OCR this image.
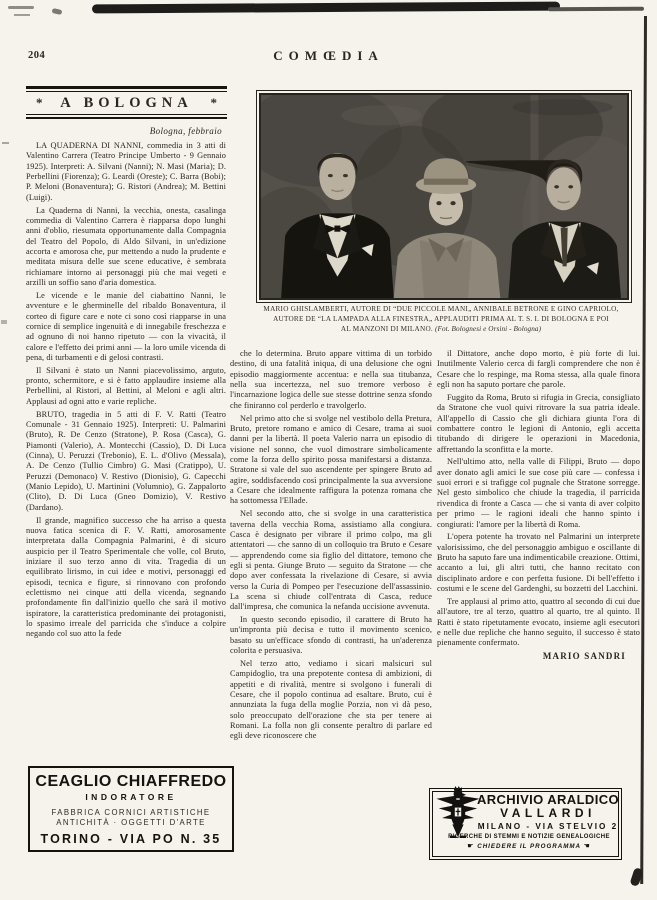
204	COMŒDIA
* A BOLOGNA *
Bologna, febbraio

LA QUADERNA DI NANNI, commedia in 3 atti di Valentino Carrera (Teatro Principe Umberto - 9 Gennaio 1925). Interpreti: A. Silvani (Nanni); N. Masi (Maria); D. Perbellini (Fiorenza); G. Leardi (Oreste); C. Barra (Bobi); P. Meloni (Bonaventura); G. Ristori (Andrea); M. Bettini (Luigi).

La Quaderna di Nanni, la vecchia, onesta, casalinga commedia di Valentino Carrera è riapparsa dopo lunghi anni d'oblio, riesumata opportunamente dalla Compagnia del Teatro del Popolo, di Aldo Silvani, in un'edizione accorta e amorosa che, pur mettendo a nudo la prudente e meditata misura delle sue scene educative, è sembrata richiamare intorno ai personaggi più che mai vegeti e arzilli un soffio sano d'aria domestica.

Le vicende e le manie del ciabattino Nanni, le avventure e le gherminelle del ribaldo Bonaventura, il corteo di figure care e note ci sono così riapparse in una cornice di semplice ingenuità e di innegabile freschezza e ad ognuno di noi hanno ripetuto — con la vivacità, il calore e l'effetto dei primi anni — la loro umile vicenda di pena, di turbamenti e di gelosi contrasti.

Il Silvani è stato un Nanni piacevolissimo, arguto, pronto, schermitore, e si è fatto applaudire insieme alla Perbellini, al Ristori, al Bettini, al Meloni e agli altri. Applausi ad ogni atto e varie repliche.

BRUTO, tragedia in 5 atti di F. V. Ratti (Teatro Comunale - 31 Gennaio 1925). Interpreti: U. Palmarini (Bruto), R. De Cenzo (Stratone), P. Rosa (Casca), G. Piamonti (Valerio), A. Montecchi (Cassio), D. Di Luca (Cinna), U. Peruzzi (Trebonio), E. L. d'Olivo (Messala), A. De Cenzo (Tullio Cimbro) G. Masi (Cratippo), U. Peruzzi (Demonaco) V. Restivo (Dionisio), G. Capecchi (Manio Lepido), U. Martinini (Volumnio), G. Zappalorto (Clito), D. Di Luca (Gneo Domizio), V. Restivo (Dardano).

Il grande, magnifico successo che ha arriso a questa nuova fatica scenica di F. V. Ratti, amorosamente interpretata dalla Compagnia Palmarini, è di sicuro auspicio per il Teatro Sperimentale che volle, col Bruto, iniziare il suo terzo anno di vita. Tragedia di un equilibrato lirismo, in cui idee e motivi, personaggi ed episodi, tecnica e figure, si rinnovano con profondo eclettismo nei cinque atti della vicenda, segnando profondamente fin dall'inizio quello che sarà il motivo ispiratore, la caratteristica predominante dei protagonisti, lo spasimo irreale del parricida che s'induce a colpire negando col suo atto la fede

MARIO GHISLAMBERTI, AUTORE DI “DUE PICCOLE MANI„ ANNIBALE BETRONE E GINO CAPRIOLO,
AUTORE DE “LA LAMPADA ALLA FINESTRA„ APPLAUDITI PRIMA AL T. S. I. DI BOLOGNA E POI
AL MANZONI DI MILANO. (Fot. Bolognesi e Orsini - Bologna)

che lo determina. Bruto appare vittima di un torbido destino, di una fatalità iniqua, di una delusione che ogni episodio maggiormente accentua: e nella sua titubanza, nella sua incertezza, nel suo tremore verboso è l'incarnazione logica delle sue stesse dottrine senza sfondo che finiranno col perderlo e travolgerlo.

Nel primo atto che si svolge nel vestibolo della Pretura, Bruto, pretore romano e amico di Cesare, trama ai suoi danni per la libertà. Il poeta Valerio narra un episodio di visione nel sonno, che vuol dimostrare simbolicamente come la forza dello spirito possa manifestarsi a distanza. Stratone si vale del suo ascendente per spingere Bruto ad agire, soddisfacendo così principalmente la sua avversione a Cesare che idealmente raffigura la potenza romana che ha sottomessa l'Ellade.

Nel secondo atto, che si svolge in una caratteristica taverna della vecchia Roma, assistiamo alla congiura. Casca è designato per vibrare il primo colpo, ma gli attentatori — che sanno di un colloquio tra Bruto e Cesare — apprendendo come sia figlio del dittatore, temono che egli si penta. Giunge Bruto — seguito da Stratone — che dopo aver confessata la rivelazione di Cesare, si avvia verso la Curia di Pompeo per l'esecuzione dell'assassinio. La scena si chiude coll'entrata di Casca, reduce dall'impresa, che comunica la nefanda uccisione avvenuta.

In questo secondo episodio, il carattere di Bruto ha un'impronta più decisa e tutto il movimento scenico, basato su un'efficace sfondo di contrasti, ha un'aderenza colorita e persuasiva.

Nel terzo atto, vediamo i sicari malsicuri sul Campidoglio, tra una prepotente contesa di ambizioni, di appetiti e di rivalità, mentre si svolgono i funerali di Cesare, che il popolo continua ad esaltare. Bruto, cui è annunziata la fuga della moglie Porzia, non vi dà peso, solo preoccupato dell'orazione che sta per tenere ai Romani. La folla non gli consente peraltro di parlare ed egli deve riconoscere che

il Dittatore, anche dopo morto, è più forte di lui. Inutilmente Valerio cerca di fargli comprendere che non è Cesare che lo respinge, ma Roma stessa, alla quale finora egli non ha saputo portare che parole.

Fuggito da Roma, Bruto si rifugia in Grecia, consigliato da Stratone che vuol quivi ritrovare la sua patria ideale. All'appello di Cassio che gli dichiara giunta l'ora di combattere contro le legioni di Antonio, egli accetta titubando di dirigere le operazioni in Macedonia, affrettando la sconfitta e la morte.

Nell'ultimo atto, nella valle di Filippi, Bruto — dopo aver donato agli amici le sue cose più care — confessa i suoi errori e si trafigge col pugnale che Stratone sorregge. Nel gesto simbolico che chiude la tragedia, il parricida rivendica di fronte a Casca — che si vanta di aver colpito per primo — le ragioni ideali che hanno spinto i congiurati: l'amore per la libertà di Roma.

L'opera potente ha trovato nel Palmarini un interprete valorisissimo, che del personaggio ambiguo e oscillante di Bruto ha saputo fare una indimenticabile creazione. Ottimi, accanto a lui, gli altri tutti, che hanno recitato con disciplinato ardore e con perfetta fusione. Di bell'effetto i costumi e le scene del Gardenghi, su bozzetti del Lacchini.

Tre applausi al primo atto, quattro al secondo di cui due all'autore, tre al terzo, quattro al quarto, tre al quinto. Il Ratti è stato ripetutamente evocato, insieme agli esecutori e nelle due repliche che hanno seguito, il successo è stato pienamente confermato.

MARIO SANDRI

CEAGLIO CHIAFFREDO
INDORATORE
FABBRICA CORNICI ARTISTICHE
ANTICHITÀ · OGGETTI D'ARTE
TORINO - VIA PO N. 35
ARCHIVIO ARALDICO
VALLARDI
MILANO - VIA STELVIO 2
RICERCHE DI STEMMI E NOTIZIE GENEALOGICHE
☛ CHIEDERE IL PROGRAMMA ☚
